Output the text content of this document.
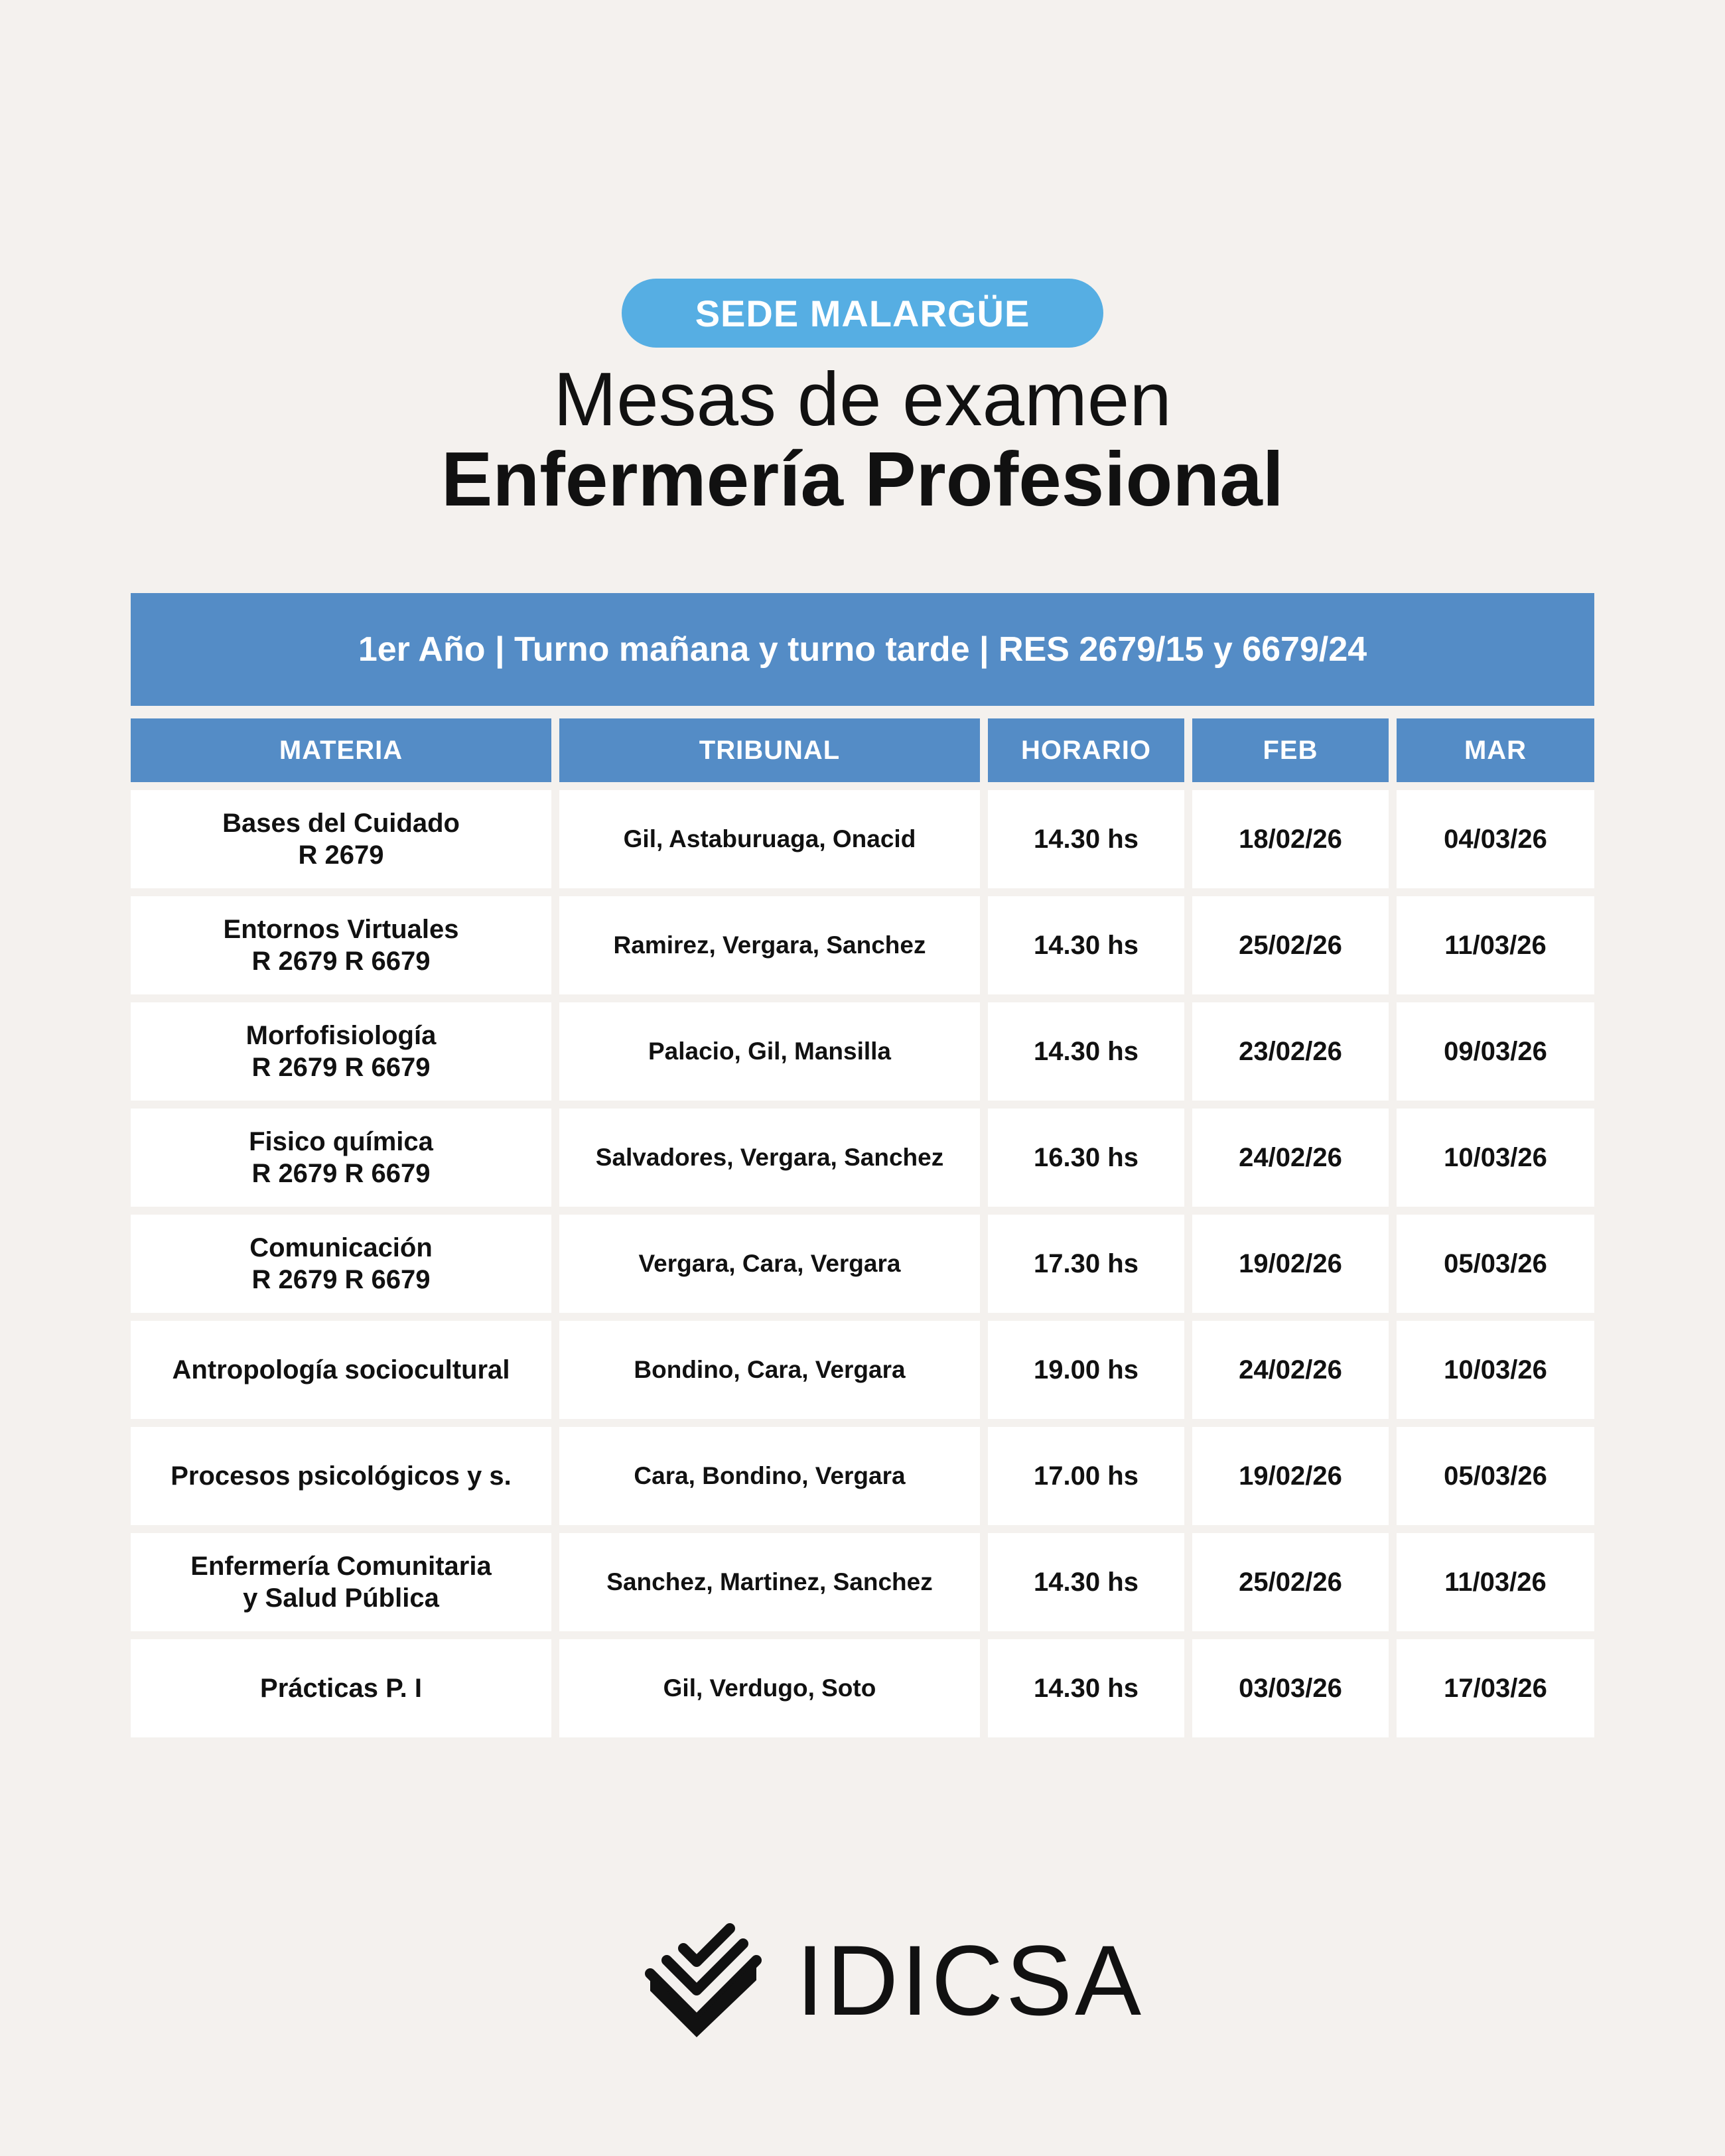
SEDE MALARGÜE
Mesas de examen
Enfermería Profesional
1er Año | Turno mañana y turno tarde | RES 2679/15 y 6679/24
MATERIA	TRIBUNAL	HORARIO	FEB	MAR
Bases del Cuidado
R 2679
Gil, Astaburuaga, Onacid	14.30 hs	18/02/26	04/03/26
Entornos Virtuales
R 2679 R 6679
Ramirez, Vergara, Sanchez	14.30 hs	25/02/26	11/03/26
Morfofisiología
R 2679 R 6679
Palacio, Gil, Mansilla	14.30 hs	23/02/26	09/03/26
Fisico química
R 2679 R 6679
Salvadores, Vergara, Sanchez	16.30 hs	24/02/26	10/03/26
Comunicación
R 2679 R 6679
Vergara, Cara, Vergara	17.30 hs	19/02/26	05/03/26
Antropología sociocultural	Bondino, Cara, Vergara	19.00 hs	24/02/26	10/03/26
Procesos psicológicos y s.	Cara, Bondino, Vergara	17.00 hs	19/02/26	05/03/26
Enfermería Comunitaria
y Salud Pública
Sanchez, Martinez, Sanchez	14.30 hs	25/02/26	11/03/26
Prácticas P. I	Gil, Verdugo, Soto	14.30 hs	03/03/26	17/03/26
IDICSA
